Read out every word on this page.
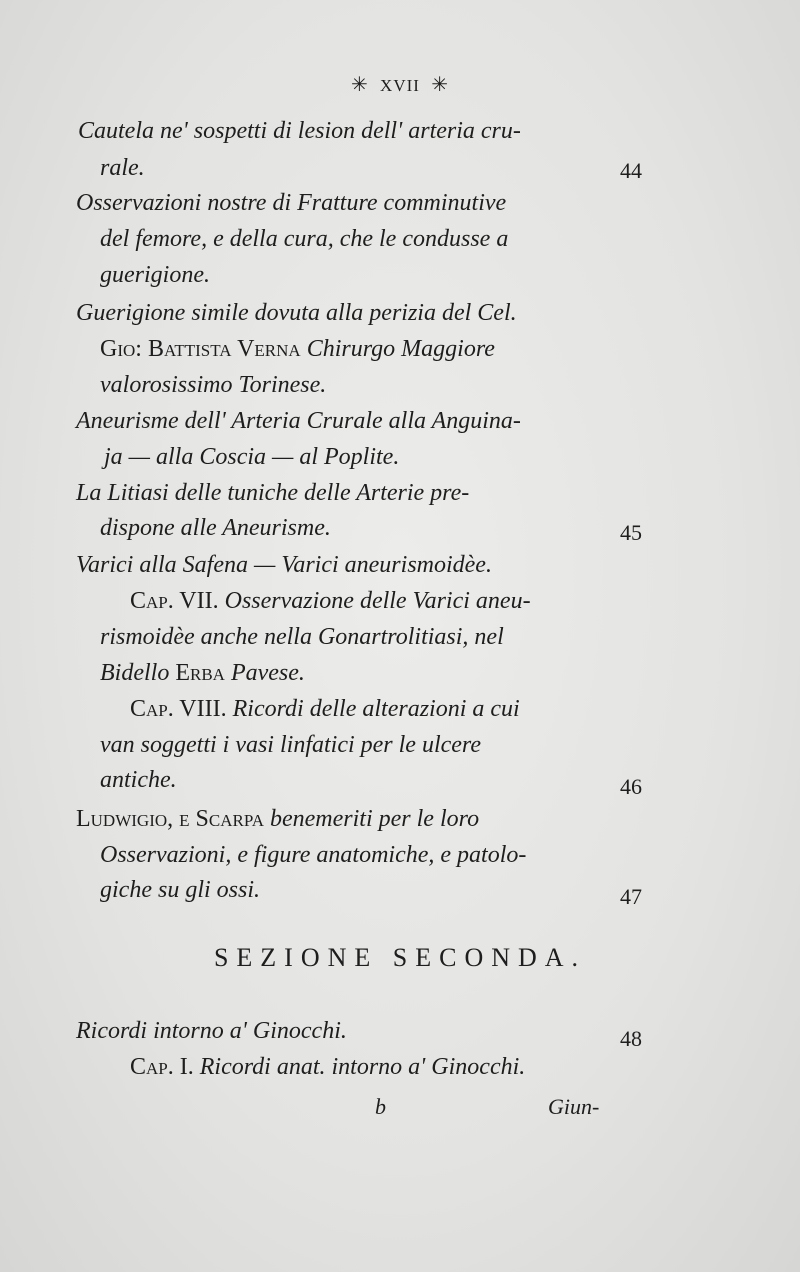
✳ XVII ✳
Cautela ne' sospetti di lesion dell' arteria cru-
rale.	44
Osservazioni nostre di Fratture comminutive
del femore, e della cura, che le condusse a
guerigione.
Guerigione simile dovuta alla perizia del Cel.
Gio: Battista Verna Chirurgo Maggiore
valorosissimo Torinese.
Aneurisme dell' Arteria Crurale alla Anguina-
ja — alla Coscia — al Poplite.
La Litiasi delle tuniche delle Arterie pre-
dispone alle Aneurisme.	45
Varici alla Safena — Varici aneurismoidèe.
Cap. VII. Osservazione delle Varici aneu-
rismoidèe anche nella Gonartrolitiasi, nel
Bidello Erba Pavese.
Cap. VIII. Ricordi delle alterazioni a cui
van soggetti i vasi linfatici per le ulcere
antiche.	46
Ludwigio, e Scarpa benemeriti per le loro
Osservazioni, e figure anatomiche, e patolo-
giche su gli ossi.	47
SEZIONE SECONDA.
Ricordi intorno a' Ginocchi.	48
Cap. I. Ricordi anat. intorno a' Ginocchi.
b	Giun-
